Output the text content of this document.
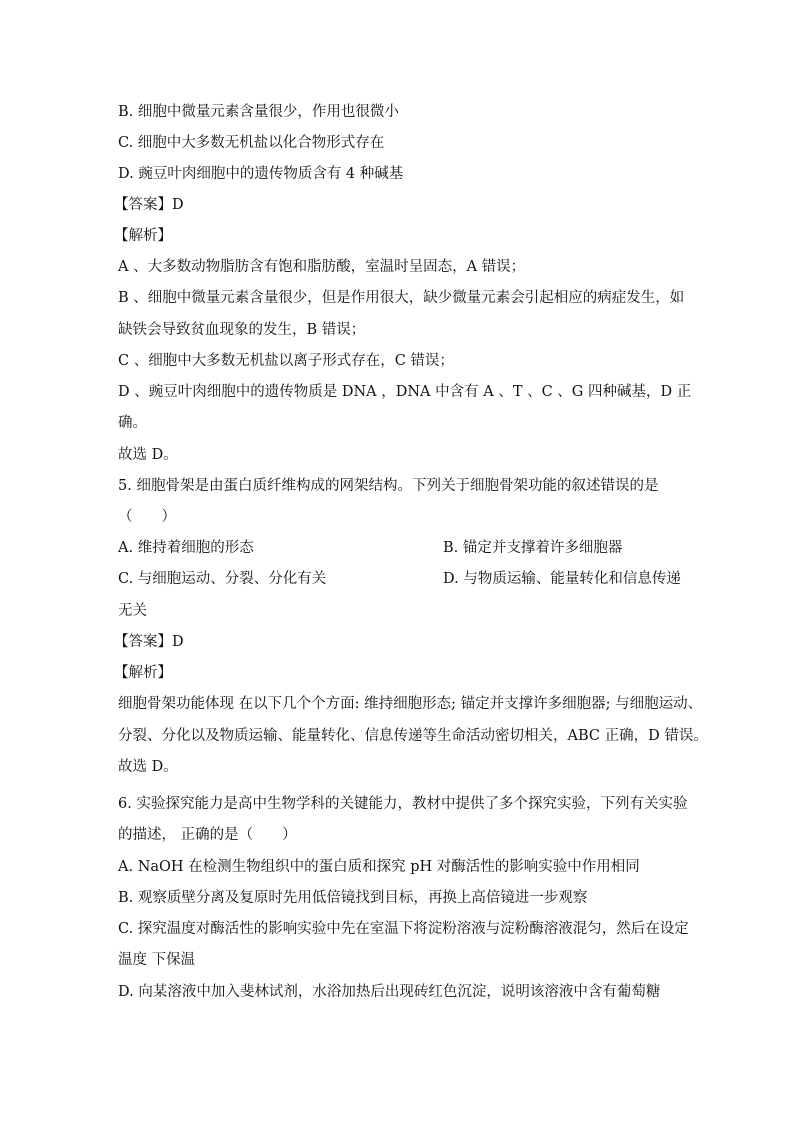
B. 细胞中微量元素含量很少，作用也很微小
C. 细胞中大多数无机盐以化合物形式存在
D. 豌豆叶肉细胞中的遗传物质含有 4 种碱基
【答案】D
【解析】
A 、大多数动物脂肪含有饱和脂肪酸，室温时呈固态，A 错误；
B 、细胞中微量元素含量很少，但是作用很大，缺少微量元素会引起相应的病症发生，如
缺铁会导致贫血现象的发生，B 错误；
C 、细胞中大多数无机盐以离子形式存在，C 错误；
D 、豌豆叶肉细胞中的遗传物质是 DNA ，DNA 中含有 A 、T 、C 、G 四种碱基，D 正
确。
故选 D。
5. 细胞骨架是由蛋白质纤维构成的网架结构。下列关于细胞骨架功能的叙述错误的是
（　　）
A. 维持着细胞的形态	B. 锚定并支撑着许多细胞器
C. 与细胞运动、分裂、分化有关	D. 与物质运输、能量转化和信息传递
无关
【答案】D
【解析】
细胞骨架功能体现 在以下几个个方面: 维持细胞形态; 锚定并支撑许多细胞器; 与细胞运动、
分裂、分化以及物质运输、能量转化、信息传递等生命活动密切相关，ABC 正确，D 错误。
故选 D。
6. 实验探究能力是高中生物学科的关键能力，教材中提供了多个探究实验，下列有关实验
的描述， 正确的是（　　）
A. NaOH 在检测生物组织中的蛋白质和探究 pH 对酶活性的影响实验中作用相同
B. 观察质壁分离及复原时先用低倍镜找到目标，再换上高倍镜进一步观察
C. 探究温度对酶活性的影响实验中先在室温下将淀粉溶液与淀粉酶溶液混匀，然后在设定
温度 下保温
D. 向某溶液中加入斐林试剂，水浴加热后出现砖红色沉淀，说明该溶液中含有葡萄糖
